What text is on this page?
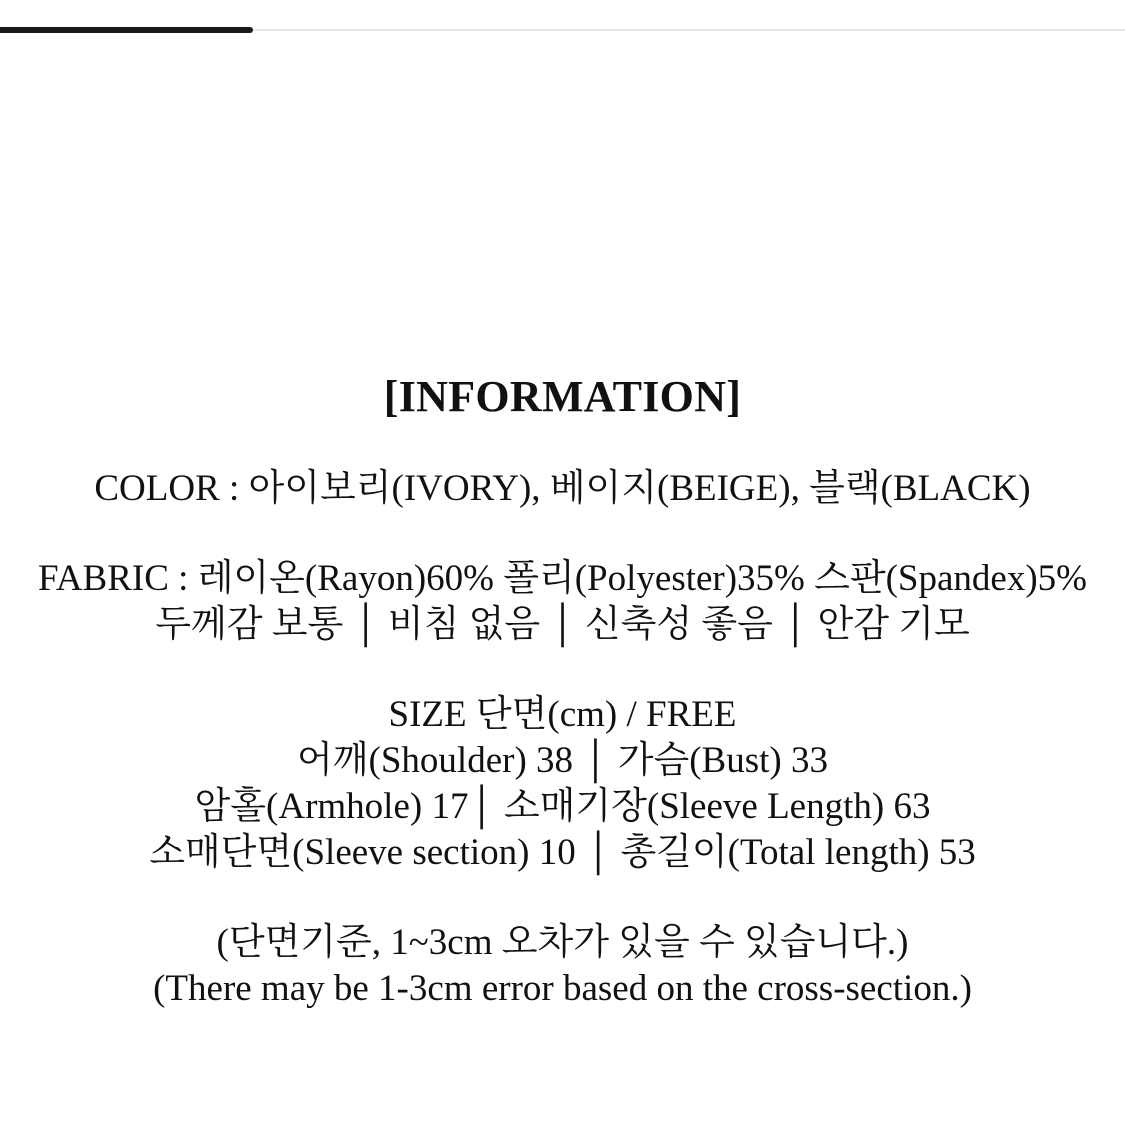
[INFORMATION]

COLOR : 아이보리(IVORY), 베이지(BEIGE), 블랙(BLACK)

FABRIC : 레이온(Rayon)60% 폴리(Polyester)35% 스판(Spandex)5%

두께감 보통 │ 비침 없음 │ 신축성 좋음 │ 안감 기모

SIZE 단면(cm) / FREE

어깨(Shoulder) 38 │ 가슴(Bust) 33

암홀(Armhole) 17│ 소매기장(Sleeve Length) 63

소매단면(Sleeve section) 10 │ 총길이(Total length) 53

(단면기준, 1~3cm 오차가 있을 수 있습니다.)

(There may be 1-3cm error based on the cross-section.)
